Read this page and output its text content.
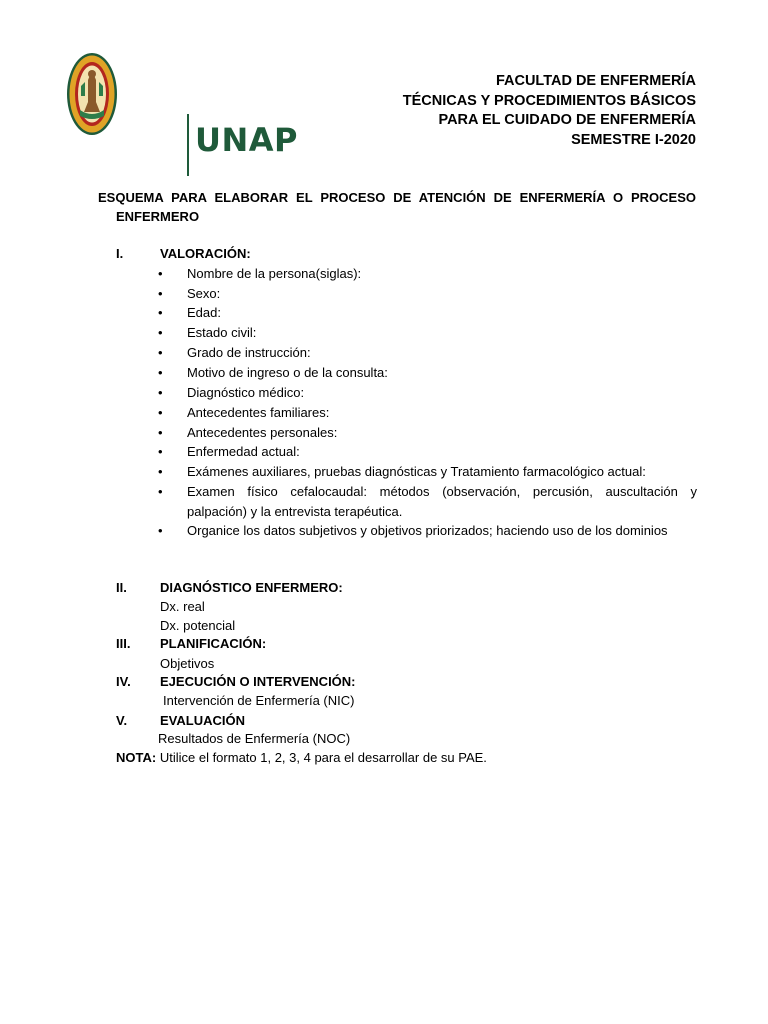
UNAP
FACULTAD DE ENFERMERÍA
TÉCNICAS Y PROCEDIMIENTOS BÁSICOS
PARA EL CUIDADO DE ENFERMERÍA
SEMESTRE I-2020
ESQUEMA PARA ELABORAR EL PROCESO DE ATENCIÓN DE ENFERMERÍA O PROCESO
ENFERMERO
I.	VALORACIÓN:
• Nombre de la persona(siglas):
• Sexo:
• Edad:
• Estado civil:
• Grado de instrucción:
• Motivo de ingreso o de la consulta:
• Diagnóstico médico:
• Antecedentes familiares:
• Antecedentes personales:
• Enfermedad actual:
• Exámenes auxiliares, pruebas diagnósticas y Tratamiento farmacológico actual:
• Examen físico cefalocaudal: métodos (observación, percusión, auscultación y palpación) y la entrevista terapéutica.
• Organice los datos subjetivos y objetivos priorizados; haciendo uso de los dominios
II.	DIAGNÓSTICO ENFERMERO:
Dx. real
Dx. potencial
III. PLANIFICACIÓN:
Objetivos
IV. EJECUCIÓN O INTERVENCIÓN:
Intervención de Enfermería (NIC)
V.	EVALUACIÓN
Resultados de Enfermería (NOC)
NOTA: Utilice el formato 1, 2, 3, 4 para el desarrollar de su PAE.
